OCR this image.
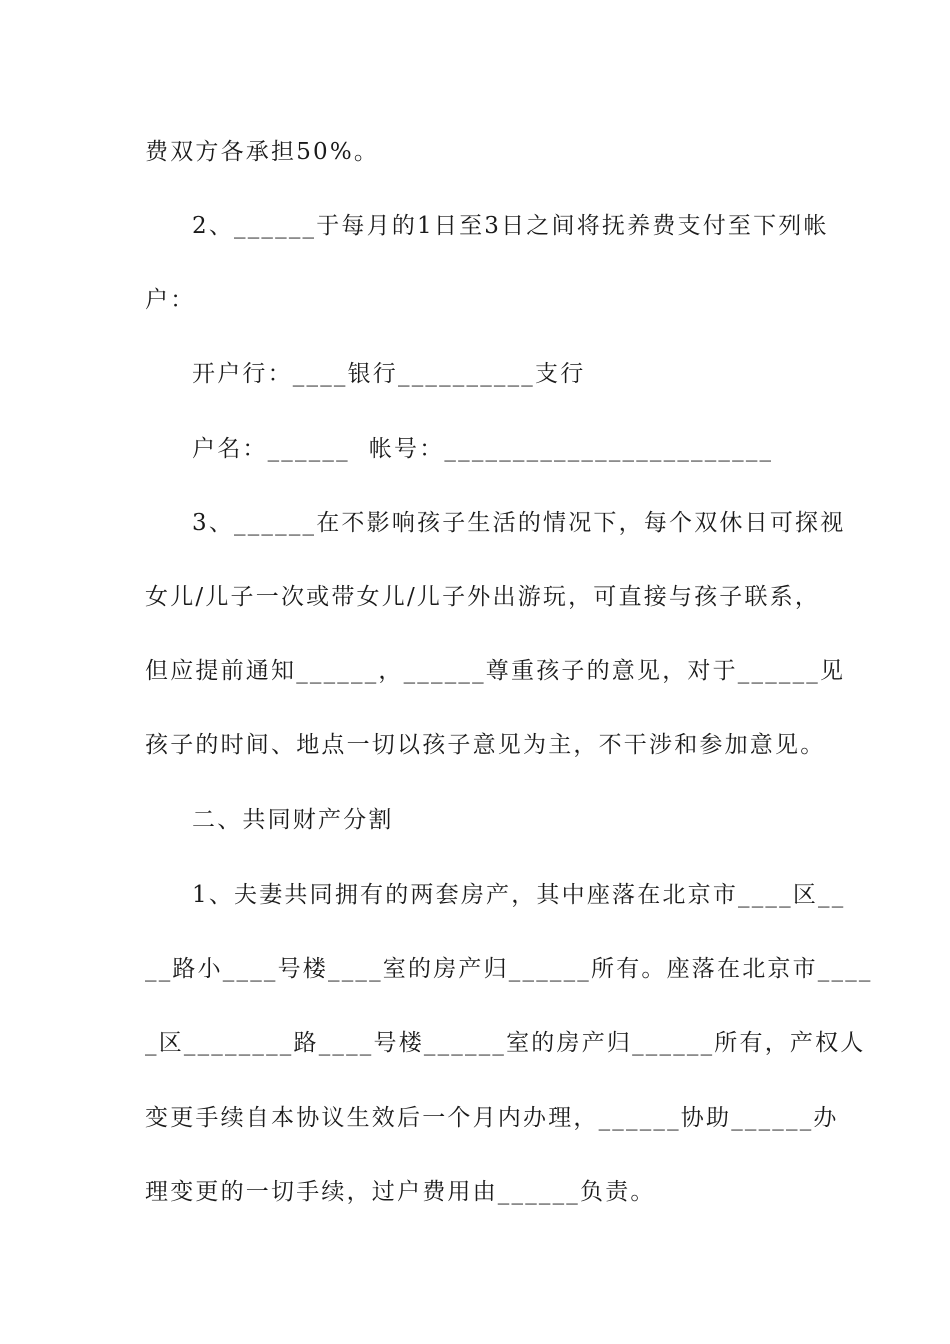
费双方各承担50%。
2、______于每月的1日至3日之间将抚养费支付至下列帐
户：
开户行：____银行__________支行
户名：______  帐号：________________________
3、______在不影响孩子生活的情况下，每个双休日可探视
女儿/儿子一次或带女儿/儿子外出游玩，可直接与孩子联系，
但应提前通知______，______尊重孩子的意见，对于______见
孩子的时间、地点一切以孩子意见为主，不干涉和参加意见。
二、共同财产分割
1、夫妻共同拥有的两套房产，其中座落在北京市____区__
__路小____号楼____室的房产归______所有。座落在北京市____
_区________路____号楼______室的房产归______所有，产权人
变更手续自本协议生效后一个月内办理，______协助______办
理变更的一切手续，过户费用由______负责。
